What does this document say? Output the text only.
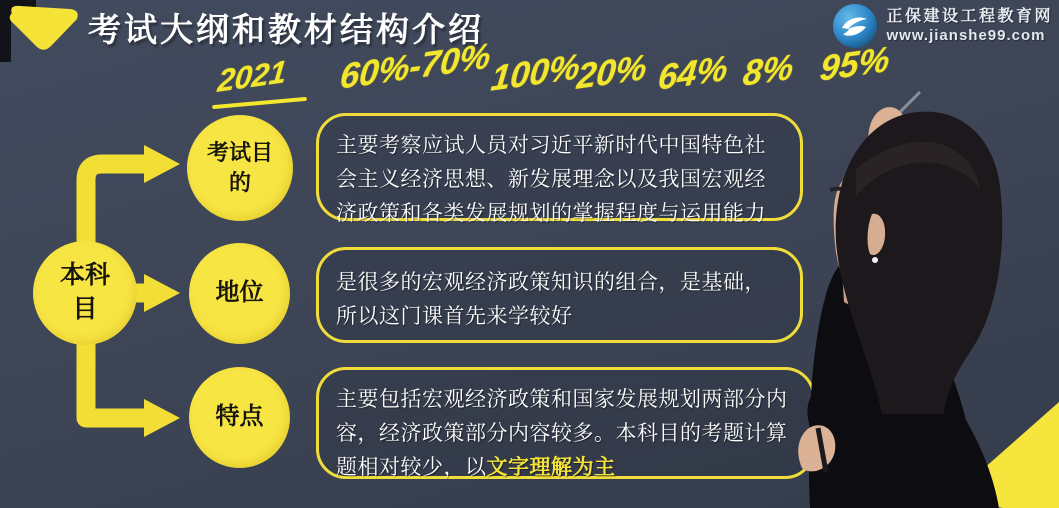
考试大纲和教材结构介绍	正保建设工程教育网
www.jianshe99.com
2021 60%-70%
100%
20% 64% 8% 95%
本科目
考试目的
地位
特点
主要考察应试人员对习近平新时代中国特色社会主义经济思想、新发展理念以及我国宏观经济政策和各类发展规划的掌握程度与运用能力
是很多的宏观经济政策知识的组合，是基础，所以这门课首先来学较好
主要包括宏观经济政策和国家发展规划两部分内容，经济政策部分内容较多。本科目的考题计算题相对较少，以文字理解为主
